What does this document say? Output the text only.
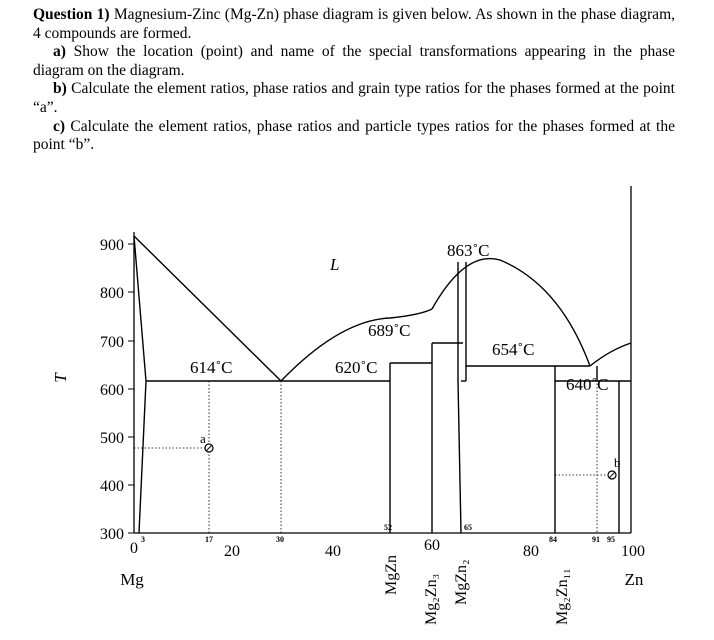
Question 1) Magnesium-Zinc (Mg-Zn) phase diagram is given below. As shown in the phase diagram, 4 compounds are formed.

a) Show the location (point) and name of the special transformations appearing in the phase diagram on the diagram.

b) Calculate the element ratios, phase ratios and grain type ratios for the phases formed at the point “a”.

c) Calculate the element ratios, phase ratios and particle types ratios for the phases formed at the point “b”.

900
800
700
600
500
400
300
T
L
863˚C
689˚C
654˚C
614˚C	620˚C
640˚C
a
b
3	17	30
52	65
84	91 95
0	20	40	60	80	100
Mg	Zn
MgZn Mg₂Zn₃ MgZn₂	Mg₂Zn₁₁
